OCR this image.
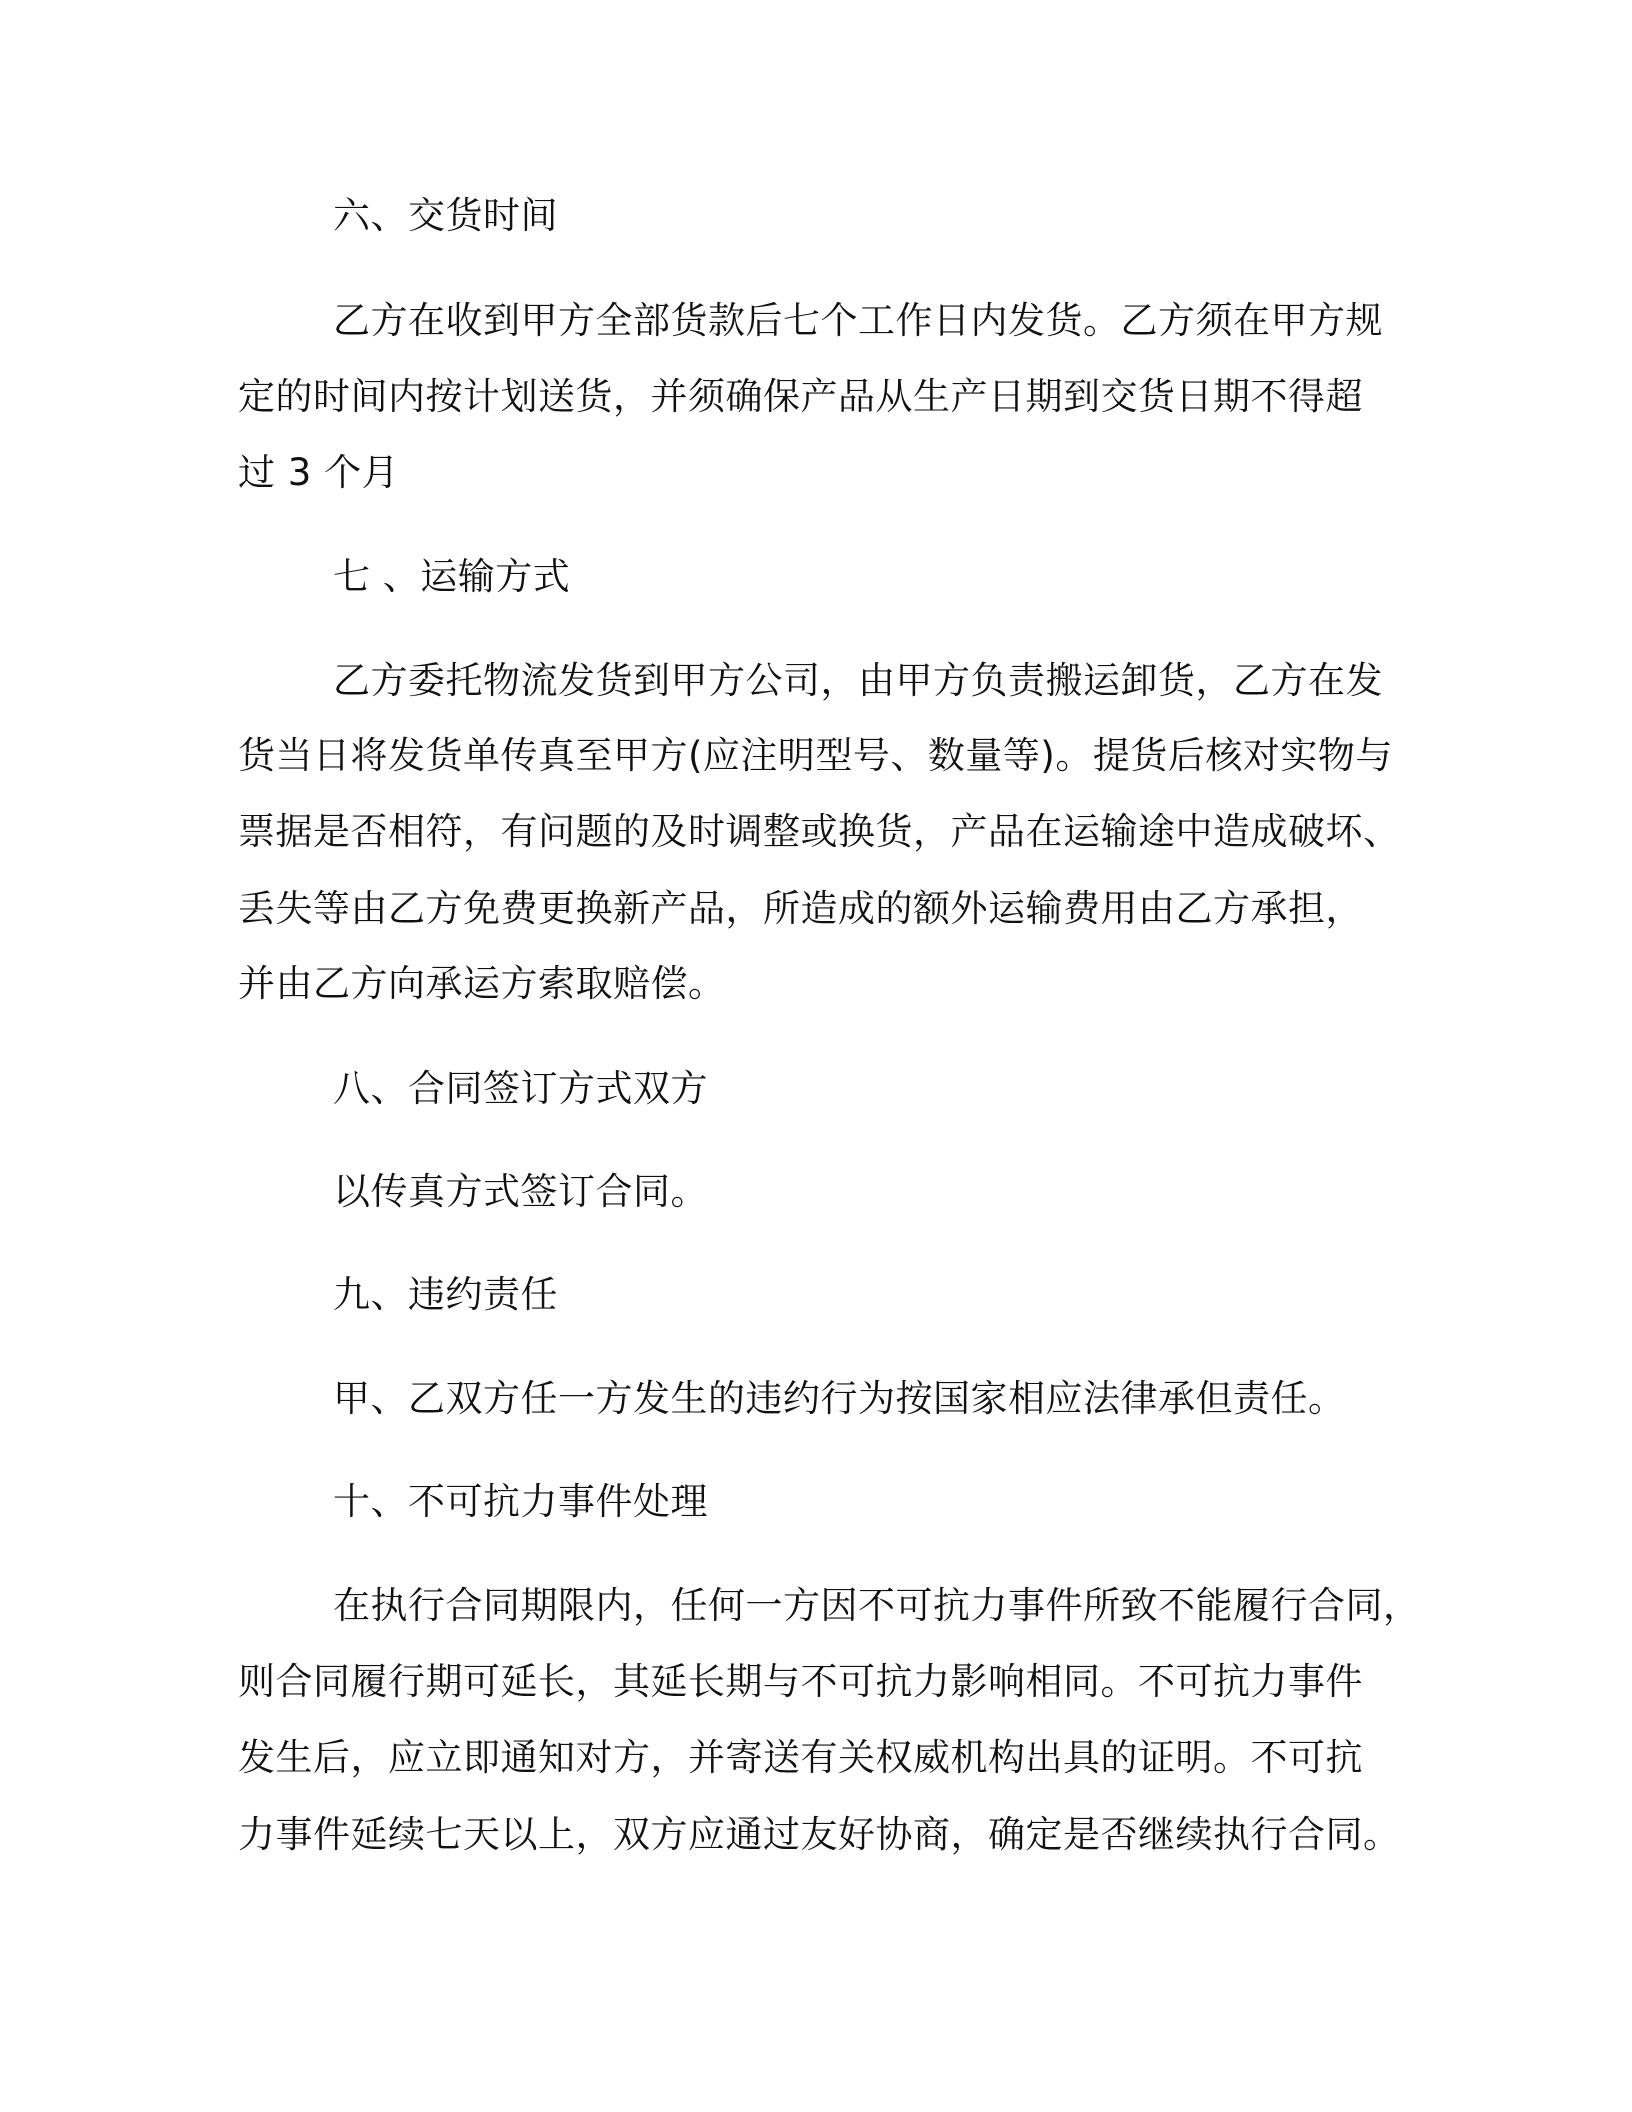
六、交货时间
乙方在收到甲方全部货款后七个工作日内发货。乙方须在甲方规
定的时间内按计划送货，并须确保产品从生产日期到交货日期不得超
过 3 个月
七 、运输方式
乙方委托物流发货到甲方公司，由甲方负责搬运卸货，乙方在发
货当日将发货单传真至甲方(应注明型号、数量等)。提货后核对实物与
票据是否相符，有问题的及时调整或换货，产品在运输途中造成破坏、
丢失等由乙方免费更换新产品，所造成的额外运输费用由乙方承担，
并由乙方向承运方索取赔偿。
八、合同签订方式双方
以传真方式签订合同。
九、违约责任
甲、乙双方任一方发生的违约行为按国家相应法律承但责任。
十、不可抗力事件处理
在执行合同期限内，任何一方因不可抗力事件所致不能履行合同，
则合同履行期可延长，其延长期与不可抗力影响相同。不可抗力事件
发生后，应立即通知对方，并寄送有关权威机构出具的证明。不可抗
力事件延续七天以上，双方应通过友好协商，确定是否继续执行合同。
